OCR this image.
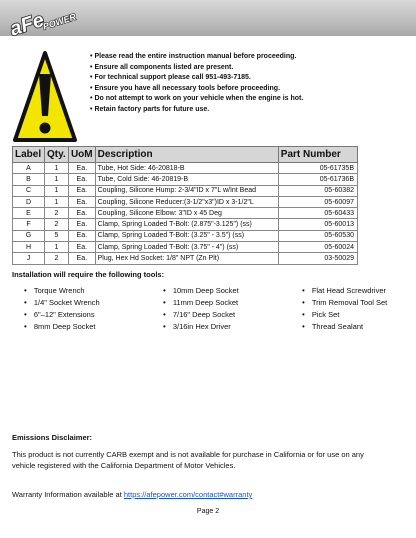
aFe
POWER
• Please read the entire instruction manual before proceeding.
• Ensure all components listed are present.
• For technical support please call 951-493-7185.
• Ensure you have all necessary tools before proceeding.
• Do not attempt to work on your vehicle when the engine is hot.
• Retain factory parts for future use.
Label	Qty.	UoM	Description	Part Number
A	1	Ea.	Tube, Hot Side: 46-20818-B	05-61735B
B	1	Ea.	Tube, Cold Side: 46-20819-B	05-61736B
C	1	Ea.	Coupling, Silicone Hump: 2-3/4"ID x 7"L w/Int Bead	05-60382
D	1	Ea.	Coupling, Silicone Reducer:(3-1/2"x3")ID x 3-1/2"L	05-60097
E	2	Ea.	Coupling, Silicone Elbow: 3"ID x 45 Deg	05-60433
F	2	Ea.	Clamp, Spring Loaded T-Bolt: (2.875"-3.125") (ss)	05-60013
G	5	Ea.	Clamp, Spring Loaded T-Bolt: (3.25" - 3.5") (ss)	05-60530
H	1	Ea.	Clamp, Spring Loaded T-Bolt: (3.75" - 4") (ss)	05-60024
J	2	Ea.	Plug, Hex Hd Socket: 1/8" NPT (Zn Plt)	03-50029
Installation will require the following tools:
• Torque Wrench
• 1/4" Socket Wrench
• 6"–12" Extensions
• 8mm Deep Socket
• 10mm Deep Socket
• 11mm Deep Socket
• 7/16" Deep Socket
• 3/16in Hex Driver
• Flat Head Screwdriver
• Trim Removal Tool Set
• Pick Set
• Thread Sealant
Emissions Disclaimer:
This product is not currently CARB exempt and is not available for purchase in California or for use on any vehicle registered with the California Department of Motor Vehicles.
Warranty Information available at https://afepower.com/contact#warranty
Page 2
